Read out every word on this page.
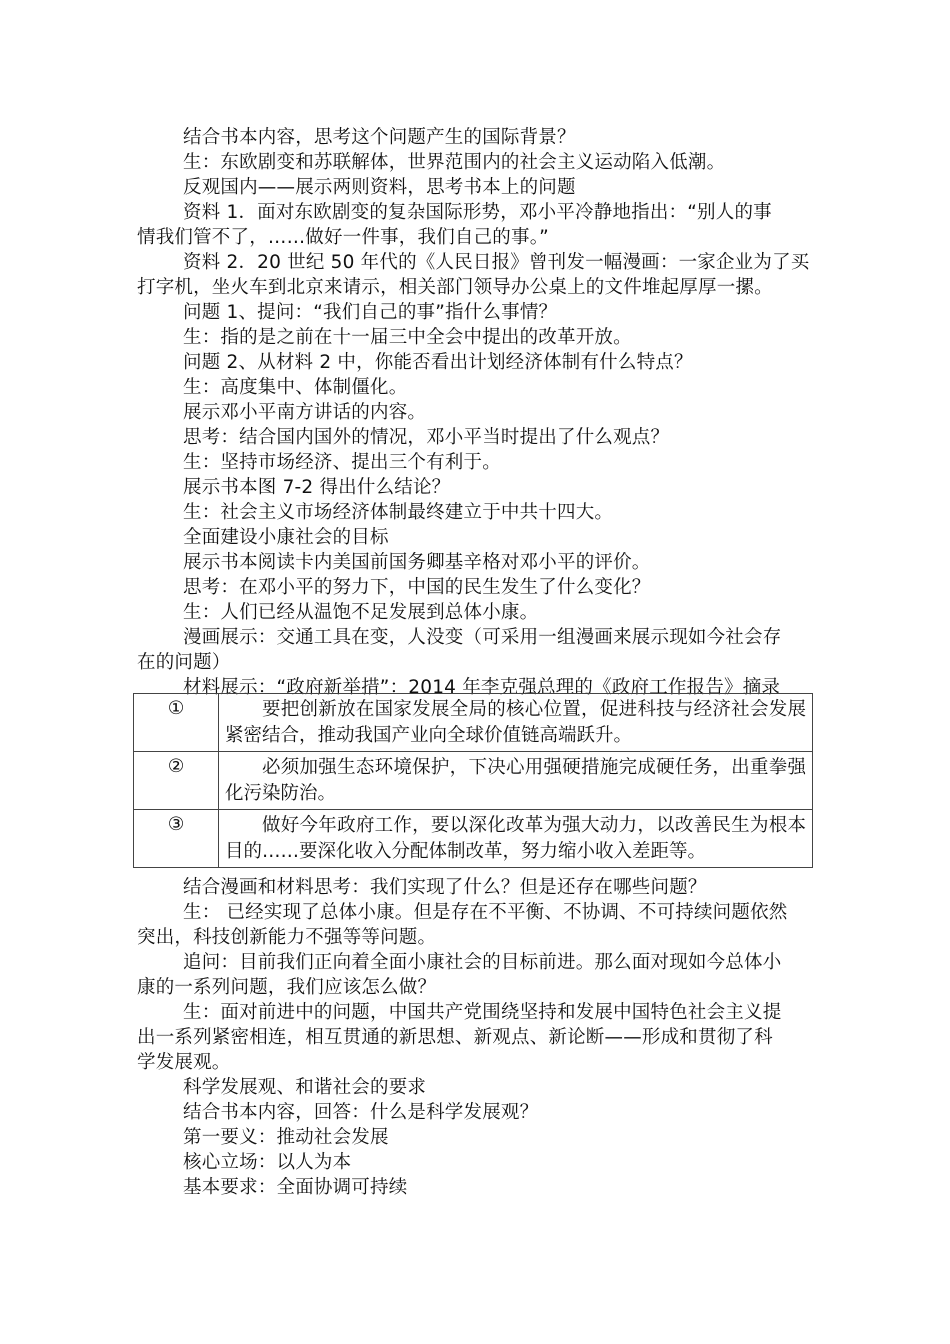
结合书本内容，思考这个问题产生的国际背景？
生：东欧剧变和苏联解体，世界范围内的社会主义运动陷入低潮。
反观国内——展示两则资料，思考书本上的问题
资料 1．面对东欧剧变的复杂国际形势，邓小平冷静地指出：“别人的事
情我们管不了，……做好一件事，我们自己的事。”
资料 2．20 世纪 50 年代的《人民日报》曾刊发一幅漫画：一家企业为了买
打字机，坐火车到北京来请示，相关部门领导办公桌上的文件堆起厚厚一摞。
问题 1、提问：“我们自己的事”指什么事情？
生：指的是之前在十一届三中全会中提出的改革开放。
问题 2、从材料 2 中，你能否看出计划经济体制有什么特点？
生：高度集中、体制僵化。
展示邓小平南方讲话的内容。
思考：结合国内国外的情况，邓小平当时提出了什么观点？
生：坚持市场经济、提出三个有利于。
展示书本图 7-2 得出什么结论？
生：社会主义市场经济体制最终建立于中共十四大。
全面建设小康社会的目标
展示书本阅读卡内美国前国务卿基辛格对邓小平的评价。
思考：在邓小平的努力下，中国的民生发生了什么变化？
生：人们已经从温饱不足发展到总体小康。
漫画展示：交通工具在变，人没变（可采用一组漫画来展示现如今社会存
在的问题）
材料展示：“政府新举措”：2014 年李克强总理的《政府工作报告》摘录
①	要把创新放在国家发展全局的核心位置，促进科技与经济社会发展紧密结合，推动我国产业向全球价值链高端跃升。
②	必须加强生态环境保护，下决心用强硬措施完成硬任务，出重拳强化污染防治。
③	做好今年政府工作，要以深化改革为强大动力，以改善民生为根本目的……要深化收入分配体制改革，努力缩小收入差距等。
结合漫画和材料思考：我们实现了什么？但是还存在哪些问题？
生： 已经实现了总体小康。但是存在不平衡、不协调、不可持续问题依然
突出，科技创新能力不强等等问题。
追问：目前我们正向着全面小康社会的目标前进。那么面对现如今总体小
康的一系列问题，我们应该怎么做？
生：面对前进中的问题，中国共产党围绕坚持和发展中国特色社会主义提
出一系列紧密相连，相互贯通的新思想、新观点、新论断——形成和贯彻了科
学发展观。
科学发展观、和谐社会的要求
结合书本内容，回答：什么是科学发展观？
第一要义：推动社会发展
核心立场：以人为本
基本要求：全面协调可持续
